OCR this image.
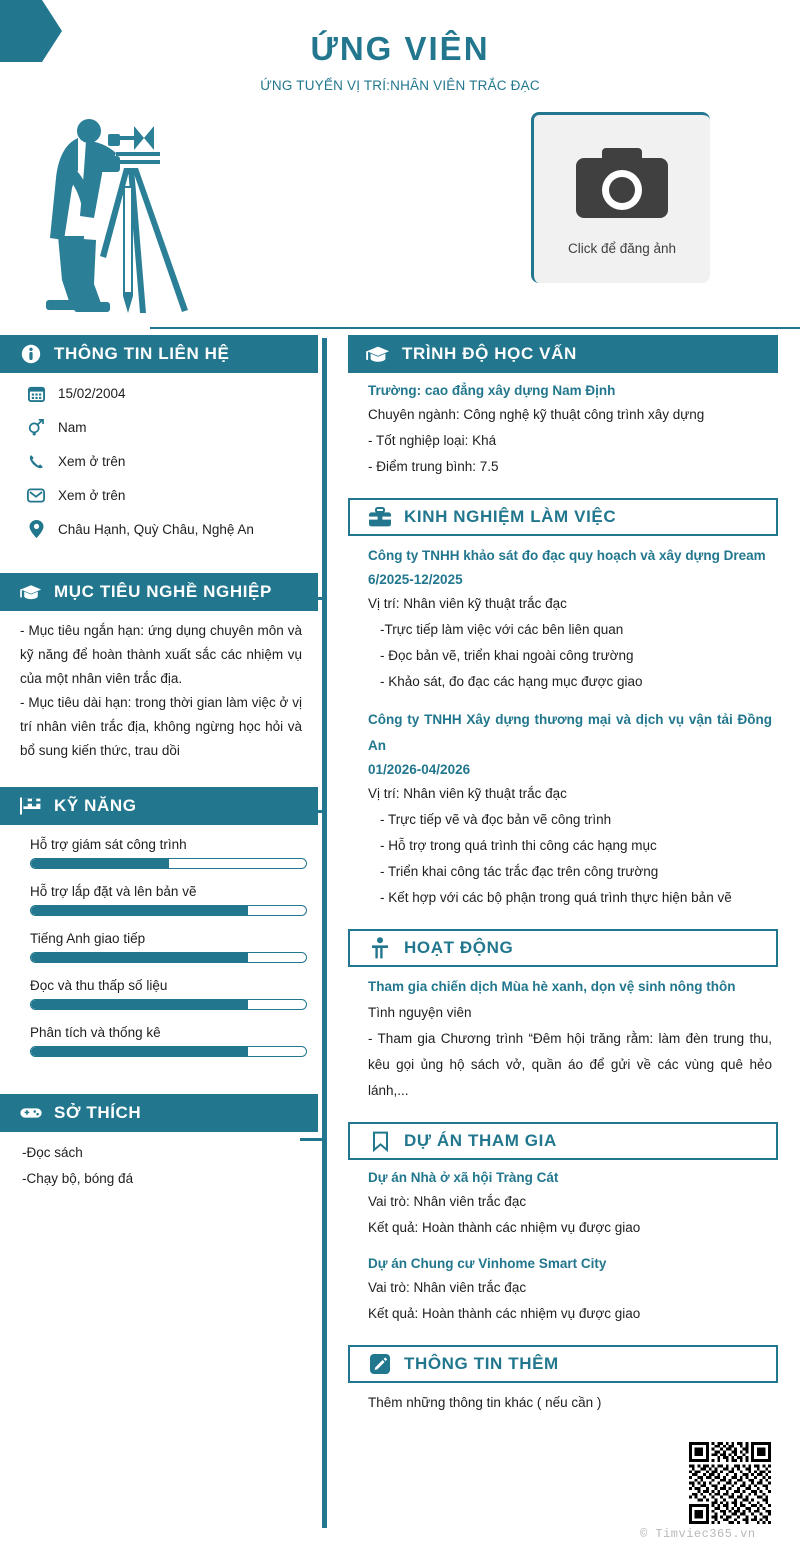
ỨNG VIÊN
ỨNG TUYỂN VỊ TRÍ:NHÂN VIÊN TRẮC ĐẠC
Click để đăng ảnh
THÔNG TIN LIÊN HỆ
15/02/2004
Nam
Xem ở trên
Xem ở trên
Châu Hạnh, Quỳ Châu, Nghệ An
MỤC TIÊU NGHỀ NGHIỆP

- Mục tiêu ngắn hạn: ứng dụng chuyên môn và kỹ năng để hoàn thành xuất sắc các nhiệm vụ của một nhân viên trắc địa.

- Mục tiêu dài hạn: trong thời gian làm việc ở vị trí nhân viên trắc địa, không ngừng học hỏi và bổ sung kiến thức, trau dồi

KỸ NĂNG
Hỗ trợ giám sát công trình
Hỗ trợ lắp đặt và lên bản vẽ
Tiếng Anh giao tiếp
Đọc và thu thấp số liệu
Phân tích và thống kê
SỞ THÍCH
-Đọc sách
-Chạy bộ, bóng đá
TRÌNH ĐỘ HỌC VẤN
Trường: cao đẳng xây dựng Nam Định
Chuyên ngành: Công nghệ kỹ thuật công trình xây dựng
- Tốt nghiệp loại: Khá
- Điểm trung bình: 7.5
KINH NGHIỆM LÀM VIỆC
Công ty TNHH khảo sát đo đạc quy hoạch và xây dựng Dream
6/2025-12/2025
Vị trí: Nhân viên kỹ thuật trắc đạc
-Trực tiếp làm việc với các bên liên quan
- Đọc bản vẽ, triển khai ngoài công trường
- Khảo sát, đo đạc các hạng mục được giao
Công ty TNHH Xây dựng thương mại và dịch vụ vận tải Đồng An
01/2026-04/2026
Vị trí: Nhân viên kỹ thuật trắc đạc
- Trực tiếp vẽ và đọc bản vẽ công trình
- Hỗ trợ trong quá trình thi công các hạng mục
- Triển khai công tác trắc đạc trên công trường
- Kết hợp với các bộ phận trong quá trình thực hiện bản vẽ
HOẠT ĐỘNG
Tham gia chiến dịch Mùa hè xanh, dọn vệ sinh nông thôn
Tình nguyện viên
- Tham gia Chương trình “Đêm hội trăng rằm: làm đèn trung thu, kêu gọi ủng hộ sách vở, quần áo để gửi về các vùng quê hẻo lánh,...
DỰ ÁN THAM GIA
Dự án Nhà ở xã hội Tràng Cát
Vai trò: Nhân viên trắc đạc
Kết quả: Hoàn thành các nhiệm vụ được giao
Dự án Chung cư Vinhome Smart City
Vai trò: Nhân viên trắc đạc
Kết quả: Hoàn thành các nhiệm vụ được giao
THÔNG TIN THÊM
Thêm những thông tin khác ( nếu cần )
© Timviec365.vn
